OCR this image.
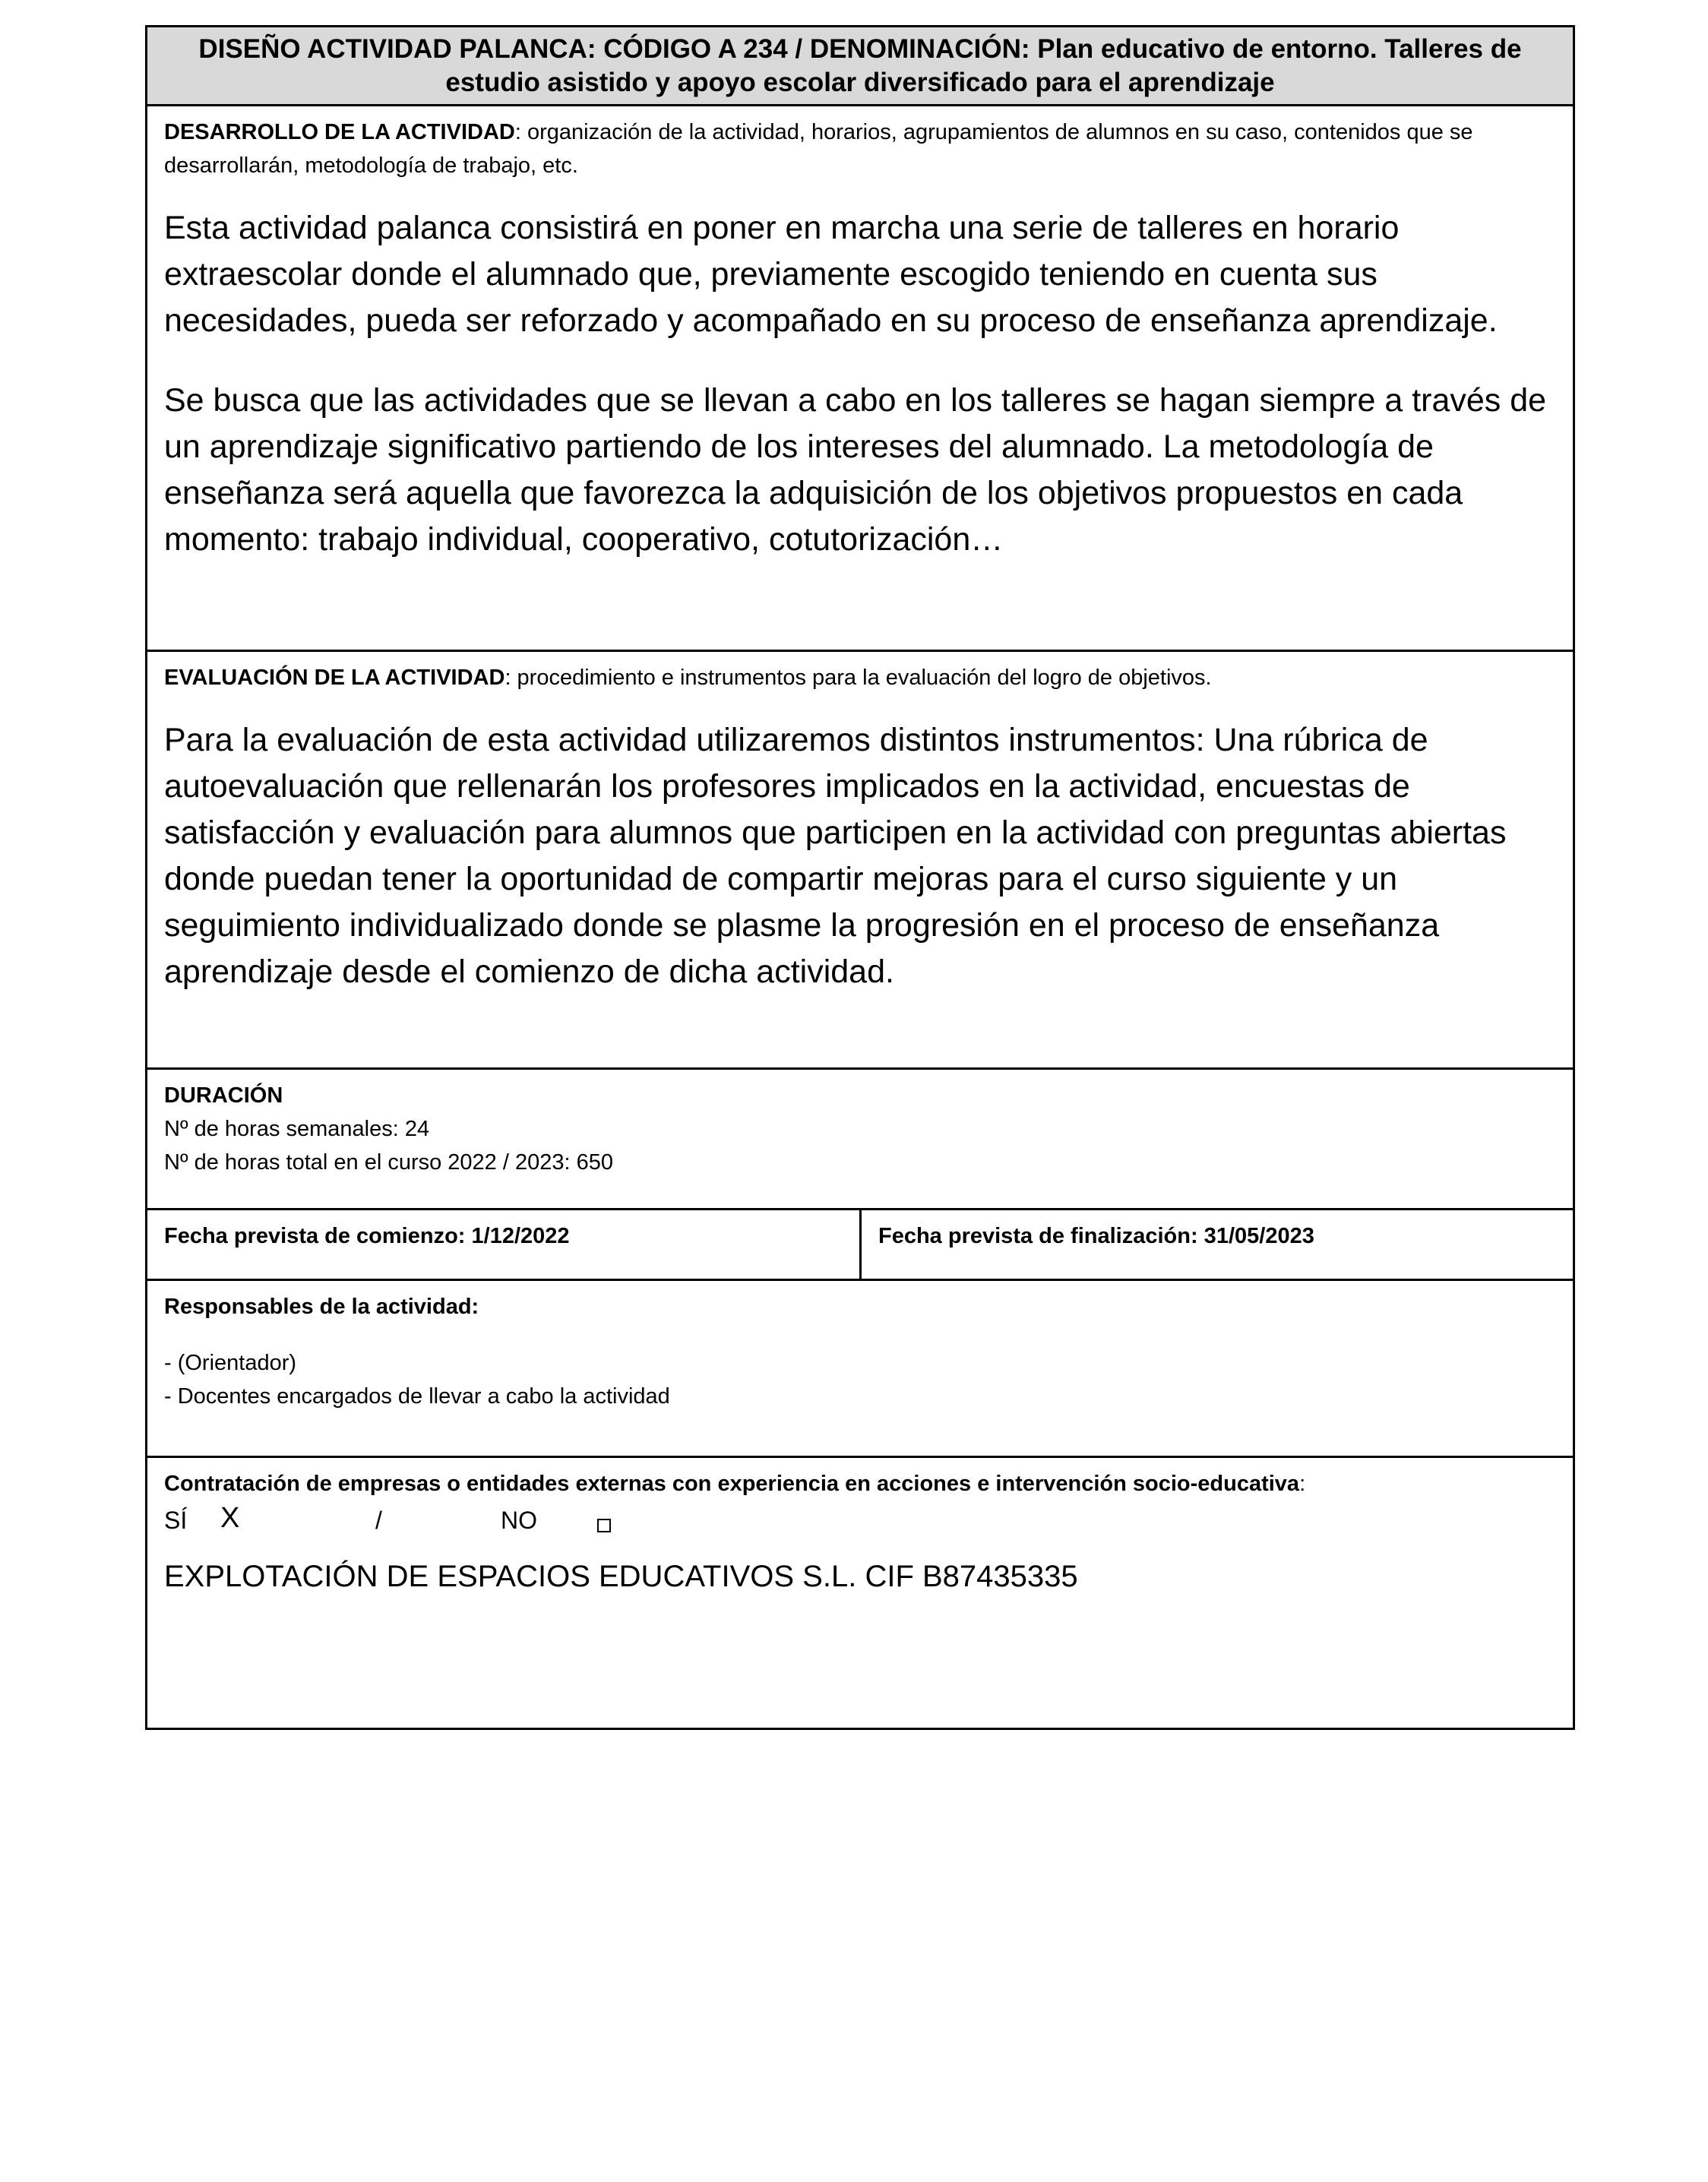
DISEÑO ACTIVIDAD PALANCA: CÓDIGO A 234 / DENOMINACIÓN: Plan educativo de entorno. Talleres de estudio asistido y apoyo escolar diversificado para el aprendizaje
DESARROLLO DE LA ACTIVIDAD: organización de la actividad, horarios, agrupamientos de alumnos en su caso, contenidos que se desarrollarán, metodología de trabajo, etc.

Esta actividad palanca consistirá en poner en marcha una serie de talleres en horario extraescolar donde el alumnado que, previamente escogido teniendo en cuenta sus necesidades, pueda ser reforzado y acompañado en su proceso de enseñanza aprendizaje.

Se busca que las actividades que se llevan a cabo en los talleres se hagan siempre a través de un aprendizaje significativo partiendo de los intereses del alumnado. La metodología de enseñanza será aquella que favorezca la adquisición de los objetivos propuestos en cada momento: trabajo individual, cooperativo, cotutorización…

EVALUACIÓN DE LA ACTIVIDAD: procedimiento e instrumentos para la evaluación del logro de objetivos.

Para la evaluación de esta actividad utilizaremos distintos instrumentos: Una rúbrica de autoevaluación que rellenarán los profesores implicados en la actividad, encuestas de satisfacción y evaluación para alumnos que participen en la actividad con preguntas abiertas donde puedan tener la oportunidad de compartir mejoras para el curso siguiente y un seguimiento individualizado donde se plasme la progresión en el proceso de enseñanza aprendizaje desde el comienzo de dicha actividad.

DURACIÓN
Nº de horas semanales: 24
Nº de horas total en el curso 2022 / 2023: 650
Fecha prevista de comienzo: 1/12/2022	Fecha prevista de finalización: 31/05/2023
Responsables de la actividad:
- (Orientador)
- Docentes encargados de llevar a cabo la actividad
Contratación de empresas o entidades externas con experiencia en acciones e intervención socio-educativa:
SÍ X	/	NO
EXPLOTACIÓN DE ESPACIOS EDUCATIVOS S.L. CIF B87435335
